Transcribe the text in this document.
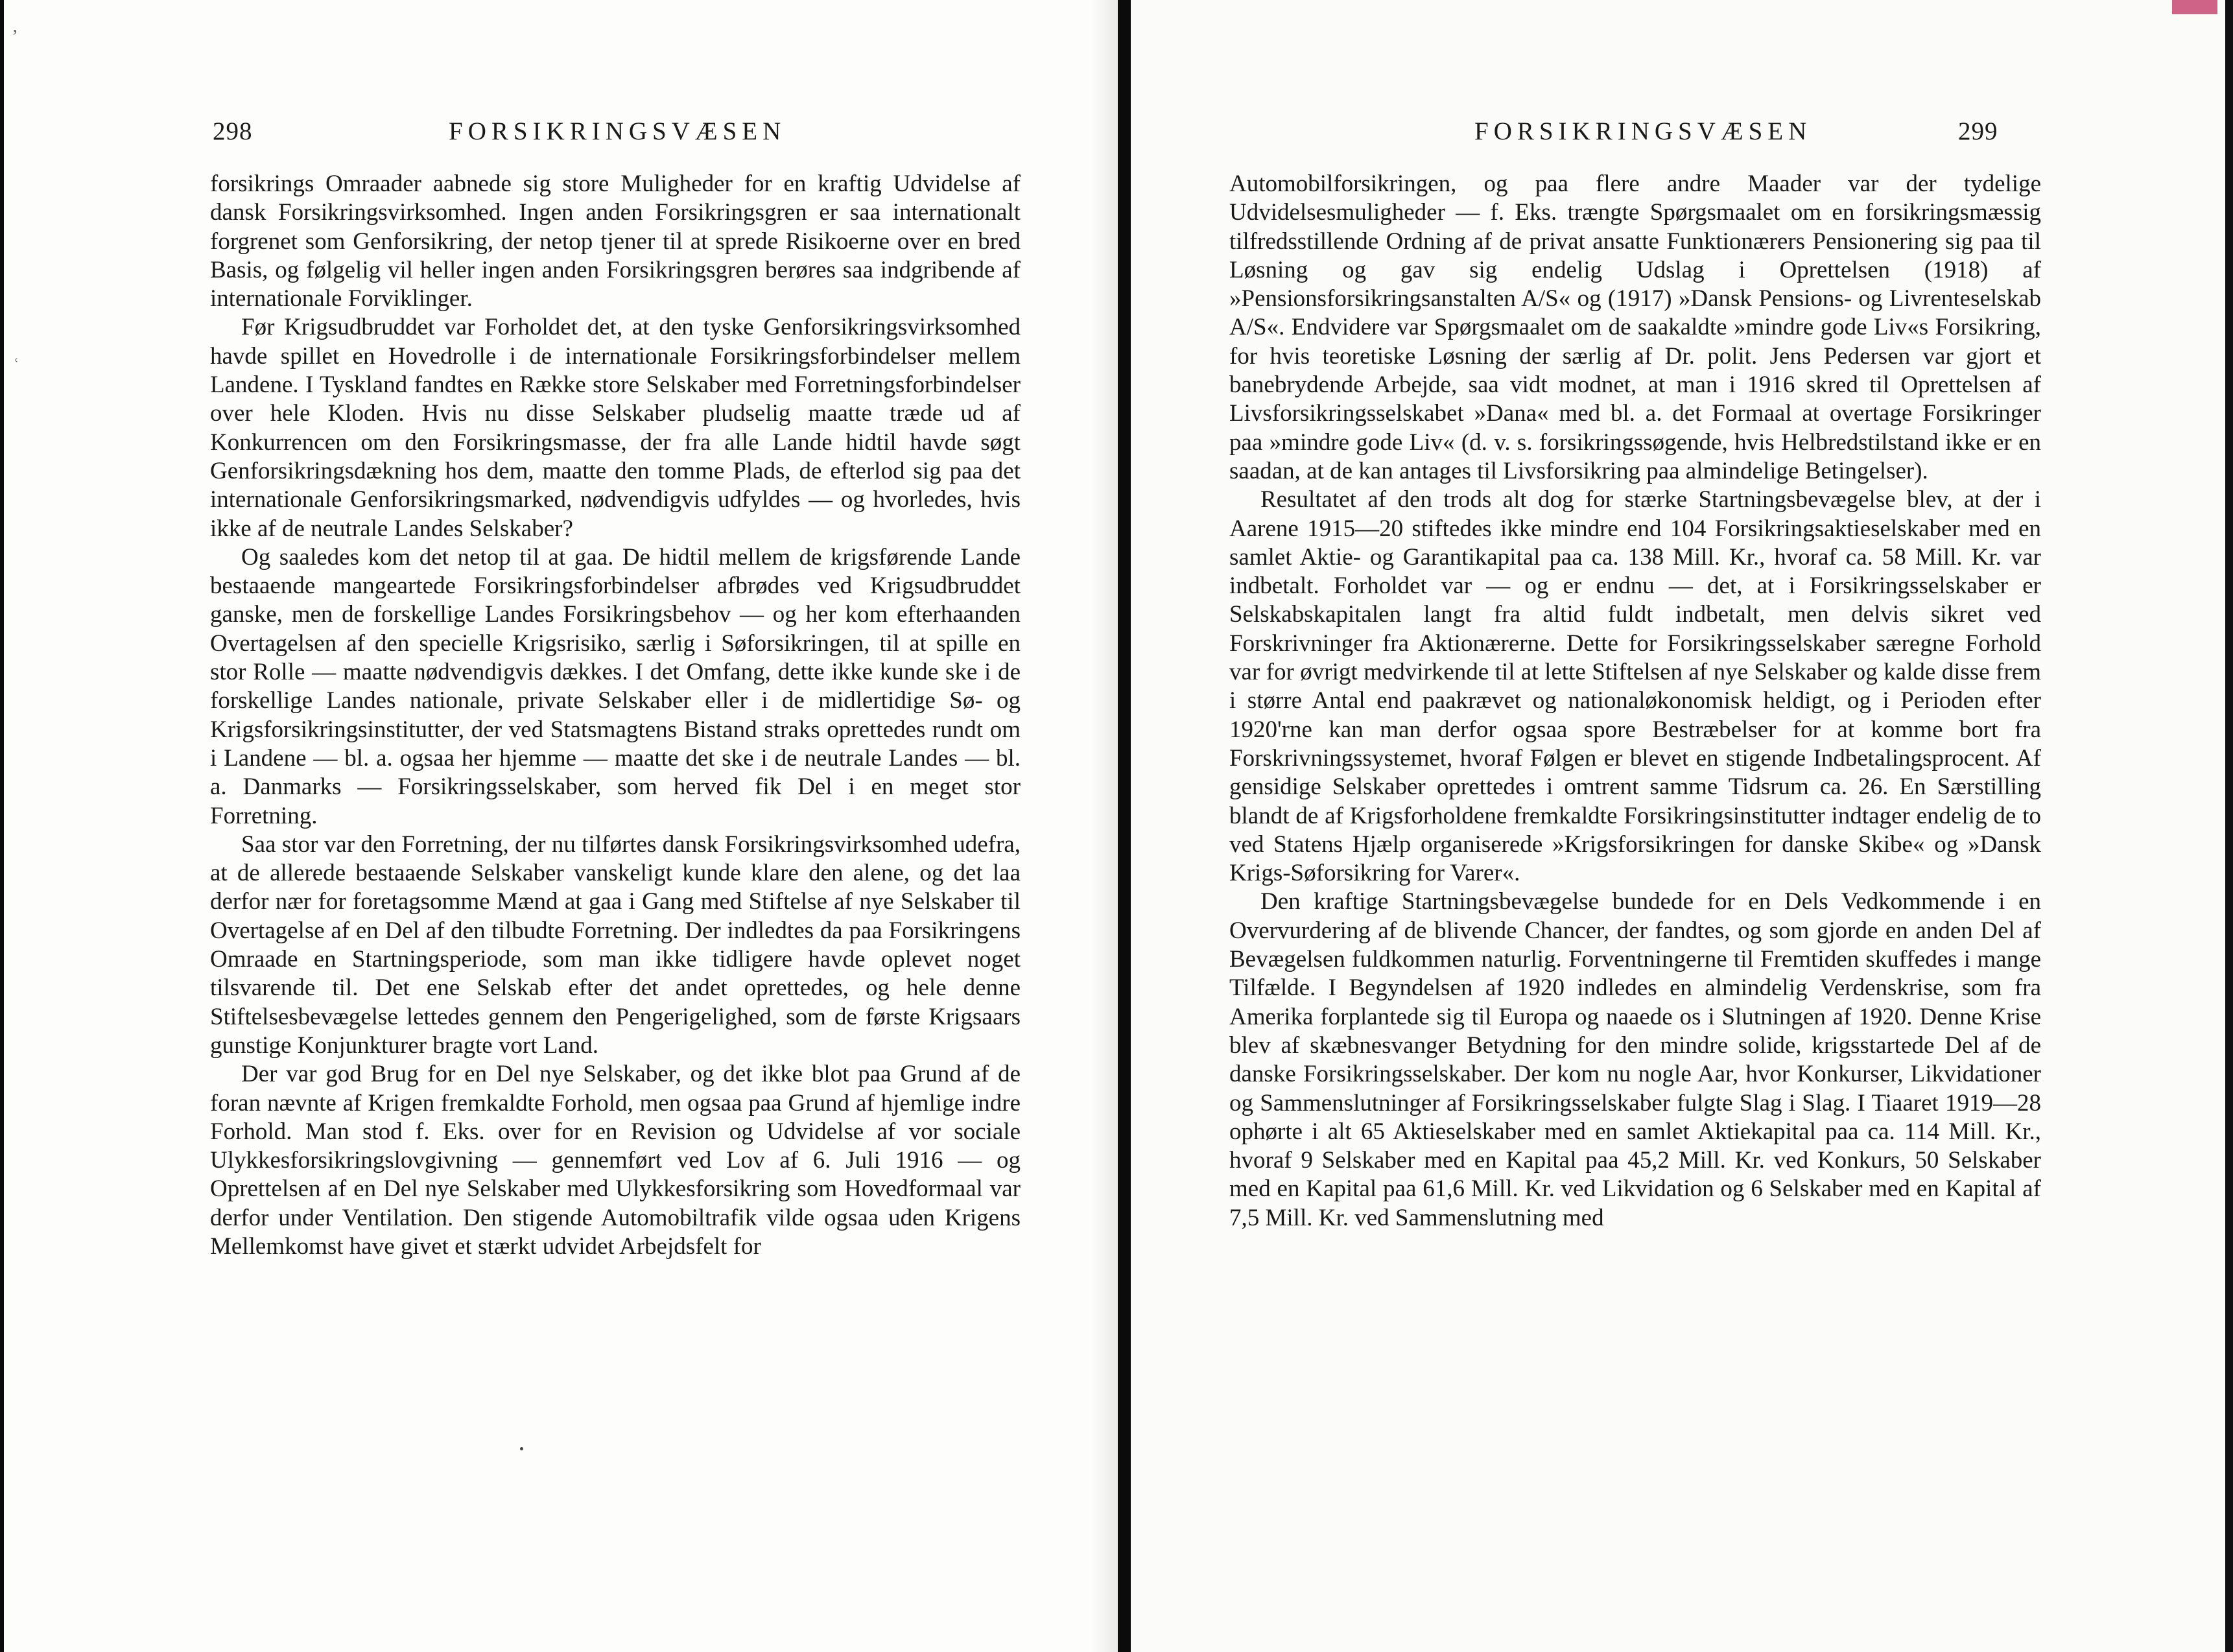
298	FORSIKRINGSVÆSEN

forsikrings Omraader aabnede sig store Muligheder for en kraftig Udvidelse af dansk Forsikringsvirksomhed. Ingen anden Forsikringsgren er saa internationalt forgrenet som Genforsikring, der netop tjener til at sprede Risikoerne over en bred Basis, og følgelig vil heller ingen anden Forsikringsgren berøres saa indgribende af internationale Forviklinger.

Før Krigsudbruddet var Forholdet det, at den tyske Genforsikringsvirksomhed havde spillet en Hovedrolle i de internationale Forsikringsforbindelser mellem Landene. I Tyskland fandtes en Række store Selskaber med Forretningsforbindelser over hele Kloden. Hvis nu disse Selskaber pludselig maatte træde ud af Konkurrencen om den Forsikringsmasse, der fra alle Lande hidtil havde søgt Genforsikringsdækning hos dem, maatte den tomme Plads, de efterlod sig paa det internationale Genforsikringsmarked, nødvendigvis udfyldes — og hvorledes, hvis ikke af de neutrale Landes Selskaber?

Og saaledes kom det netop til at gaa. De hidtil mellem de krigsførende Lande bestaaende mangeartede Forsikringsforbindelser afbrødes ved Krigsudbruddet ganske, men de forskellige Landes Forsikringsbehov — og her kom efterhaanden Overtagelsen af den specielle Krigsrisiko, særlig i Søforsikringen, til at spille en stor Rolle — maatte nødvendigvis dækkes. I det Omfang, dette ikke kunde ske i de forskellige Landes nationale, private Selskaber eller i de midlertidige Sø- og Krigsforsikringsinstitutter, der ved Statsmagtens Bistand straks oprettedes rundt om i Landene — bl. a. ogsaa her hjemme — maatte det ske i de neutrale Landes — bl. a. Danmarks — Forsikringsselskaber, som herved fik Del i en meget stor Forretning.

Saa stor var den Forretning, der nu tilførtes dansk Forsikringsvirksomhed udefra, at de allerede bestaaende Selskaber vanskeligt kunde klare den alene, og det laa derfor nær for foretagsomme Mænd at gaa i Gang med Stiftelse af nye Selskaber til Overtagelse af en Del af den tilbudte Forretning. Der indledtes da paa Forsikringens Omraade en Startningsperiode, som man ikke tidligere havde oplevet noget tilsvarende til. Det ene Selskab efter det andet oprettedes, og hele denne Stiftelsesbevægelse lettedes gennem den Pengerigelighed, som de første Krigsaars gunstige Konjunkturer bragte vort Land.

Der var god Brug for en Del nye Selskaber, og det ikke blot paa Grund af de foran nævnte af Krigen fremkaldte Forhold, men ogsaa paa Grund af hjemlige indre Forhold. Man stod f. Eks. over for en Revision og Udvidelse af vor sociale Ulykkesforsikringslovgivning — gennemført ved Lov af 6. Juli 1916 — og Oprettelsen af en Del nye Selskaber med Ulykkesforsikring som Hovedformaal var derfor under Ventilation. Den stigende Automobiltrafik vilde ogsaa uden Krigens Mellemkomst have givet et stærkt udvidet Arbejdsfelt for

ʼ
ʿ
FORSIKRINGSVÆSEN	299

Automobilforsikringen, og paa flere andre Maader var der tydelige Udvidelsesmuligheder — f. Eks. trængte Spørgsmaalet om en forsikringsmæssig tilfredsstillende Ordning af de privat ansatte Funktionærers Pensionering sig paa til Løsning og gav sig endelig Udslag i Oprettelsen (1918) af »Pensionsforsikringsanstalten A/S« og (1917) »Dansk Pensions- og Livrenteselskab A/S«. Endvidere var Spørgsmaalet om de saakaldte »mindre gode Liv«s Forsikring, for hvis teoretiske Løsning der særlig af Dr. polit. Jens Pedersen var gjort et banebrydende Arbejde, saa vidt modnet, at man i 1916 skred til Oprettelsen af Livsforsikringsselskabet »Dana« med bl. a. det Formaal at overtage Forsikringer paa »mindre gode Liv« (d. v. s. forsikringssøgende, hvis Helbredstilstand ikke er en saadan, at de kan antages til Livsforsikring paa almindelige Betingelser).

Resultatet af den trods alt dog for stærke Startningsbevægelse blev, at der i Aarene 1915—20 stiftedes ikke mindre end 104 Forsikringsaktieselskaber med en samlet Aktie- og Garantikapital paa ca. 138 Mill. Kr., hvoraf ca. 58 Mill. Kr. var indbetalt. Forholdet var — og er endnu — det, at i Forsikringsselskaber er Selskabskapitalen langt fra altid fuldt indbetalt, men delvis sikret ved Forskrivninger fra Aktionærerne. Dette for Forsikringsselskaber særegne Forhold var for øvrigt medvirkende til at lette Stiftelsen af nye Selskaber og kalde disse frem i større Antal end paakrævet og nationaløkonomisk heldigt, og i Perioden efter 1920'rne kan man derfor ogsaa spore Bestræbelser for at komme bort fra Forskrivningssystemet, hvoraf Følgen er blevet en stigende Indbetalingsprocent. Af gensidige Selskaber oprettedes i omtrent samme Tidsrum ca. 26. En Særstilling blandt de af Krigsforholdene fremkaldte Forsikringsinstitutter indtager endelig de to ved Statens Hjælp organiserede »Krigsforsikringen for danske Skibe« og »Dansk Krigs-Søforsikring for Varer«.

Den kraftige Startningsbevægelse bundede for en Dels Vedkommende i en Overvurdering af de blivende Chancer, der fandtes, og som gjorde en anden Del af Bevægelsen fuldkommen naturlig. Forventningerne til Fremtiden skuffedes i mange Tilfælde. I Begyndelsen af 1920 indledes en almindelig Verdenskrise, som fra Amerika forplantede sig til Europa og naaede os i Slutningen af 1920. Denne Krise blev af skæbnesvanger Betydning for den mindre solide, krigsstartede Del af de danske Forsikringsselskaber. Der kom nu nogle Aar, hvor Konkurser, Likvidationer og Sammenslutninger af Forsikringsselskaber fulgte Slag i Slag. I Tiaaret 1919—28 ophørte i alt 65 Aktieselskaber med en samlet Aktiekapital paa ca. 114 Mill. Kr., hvoraf 9 Selskaber med en Kapital paa 45,2 Mill. Kr. ved Konkurs, 50 Selskaber med en Kapital paa 61,6 Mill. Kr. ved Likvidation og 6 Selskaber med en Kapital af 7,5 Mill. Kr. ved Sammenslutning med
